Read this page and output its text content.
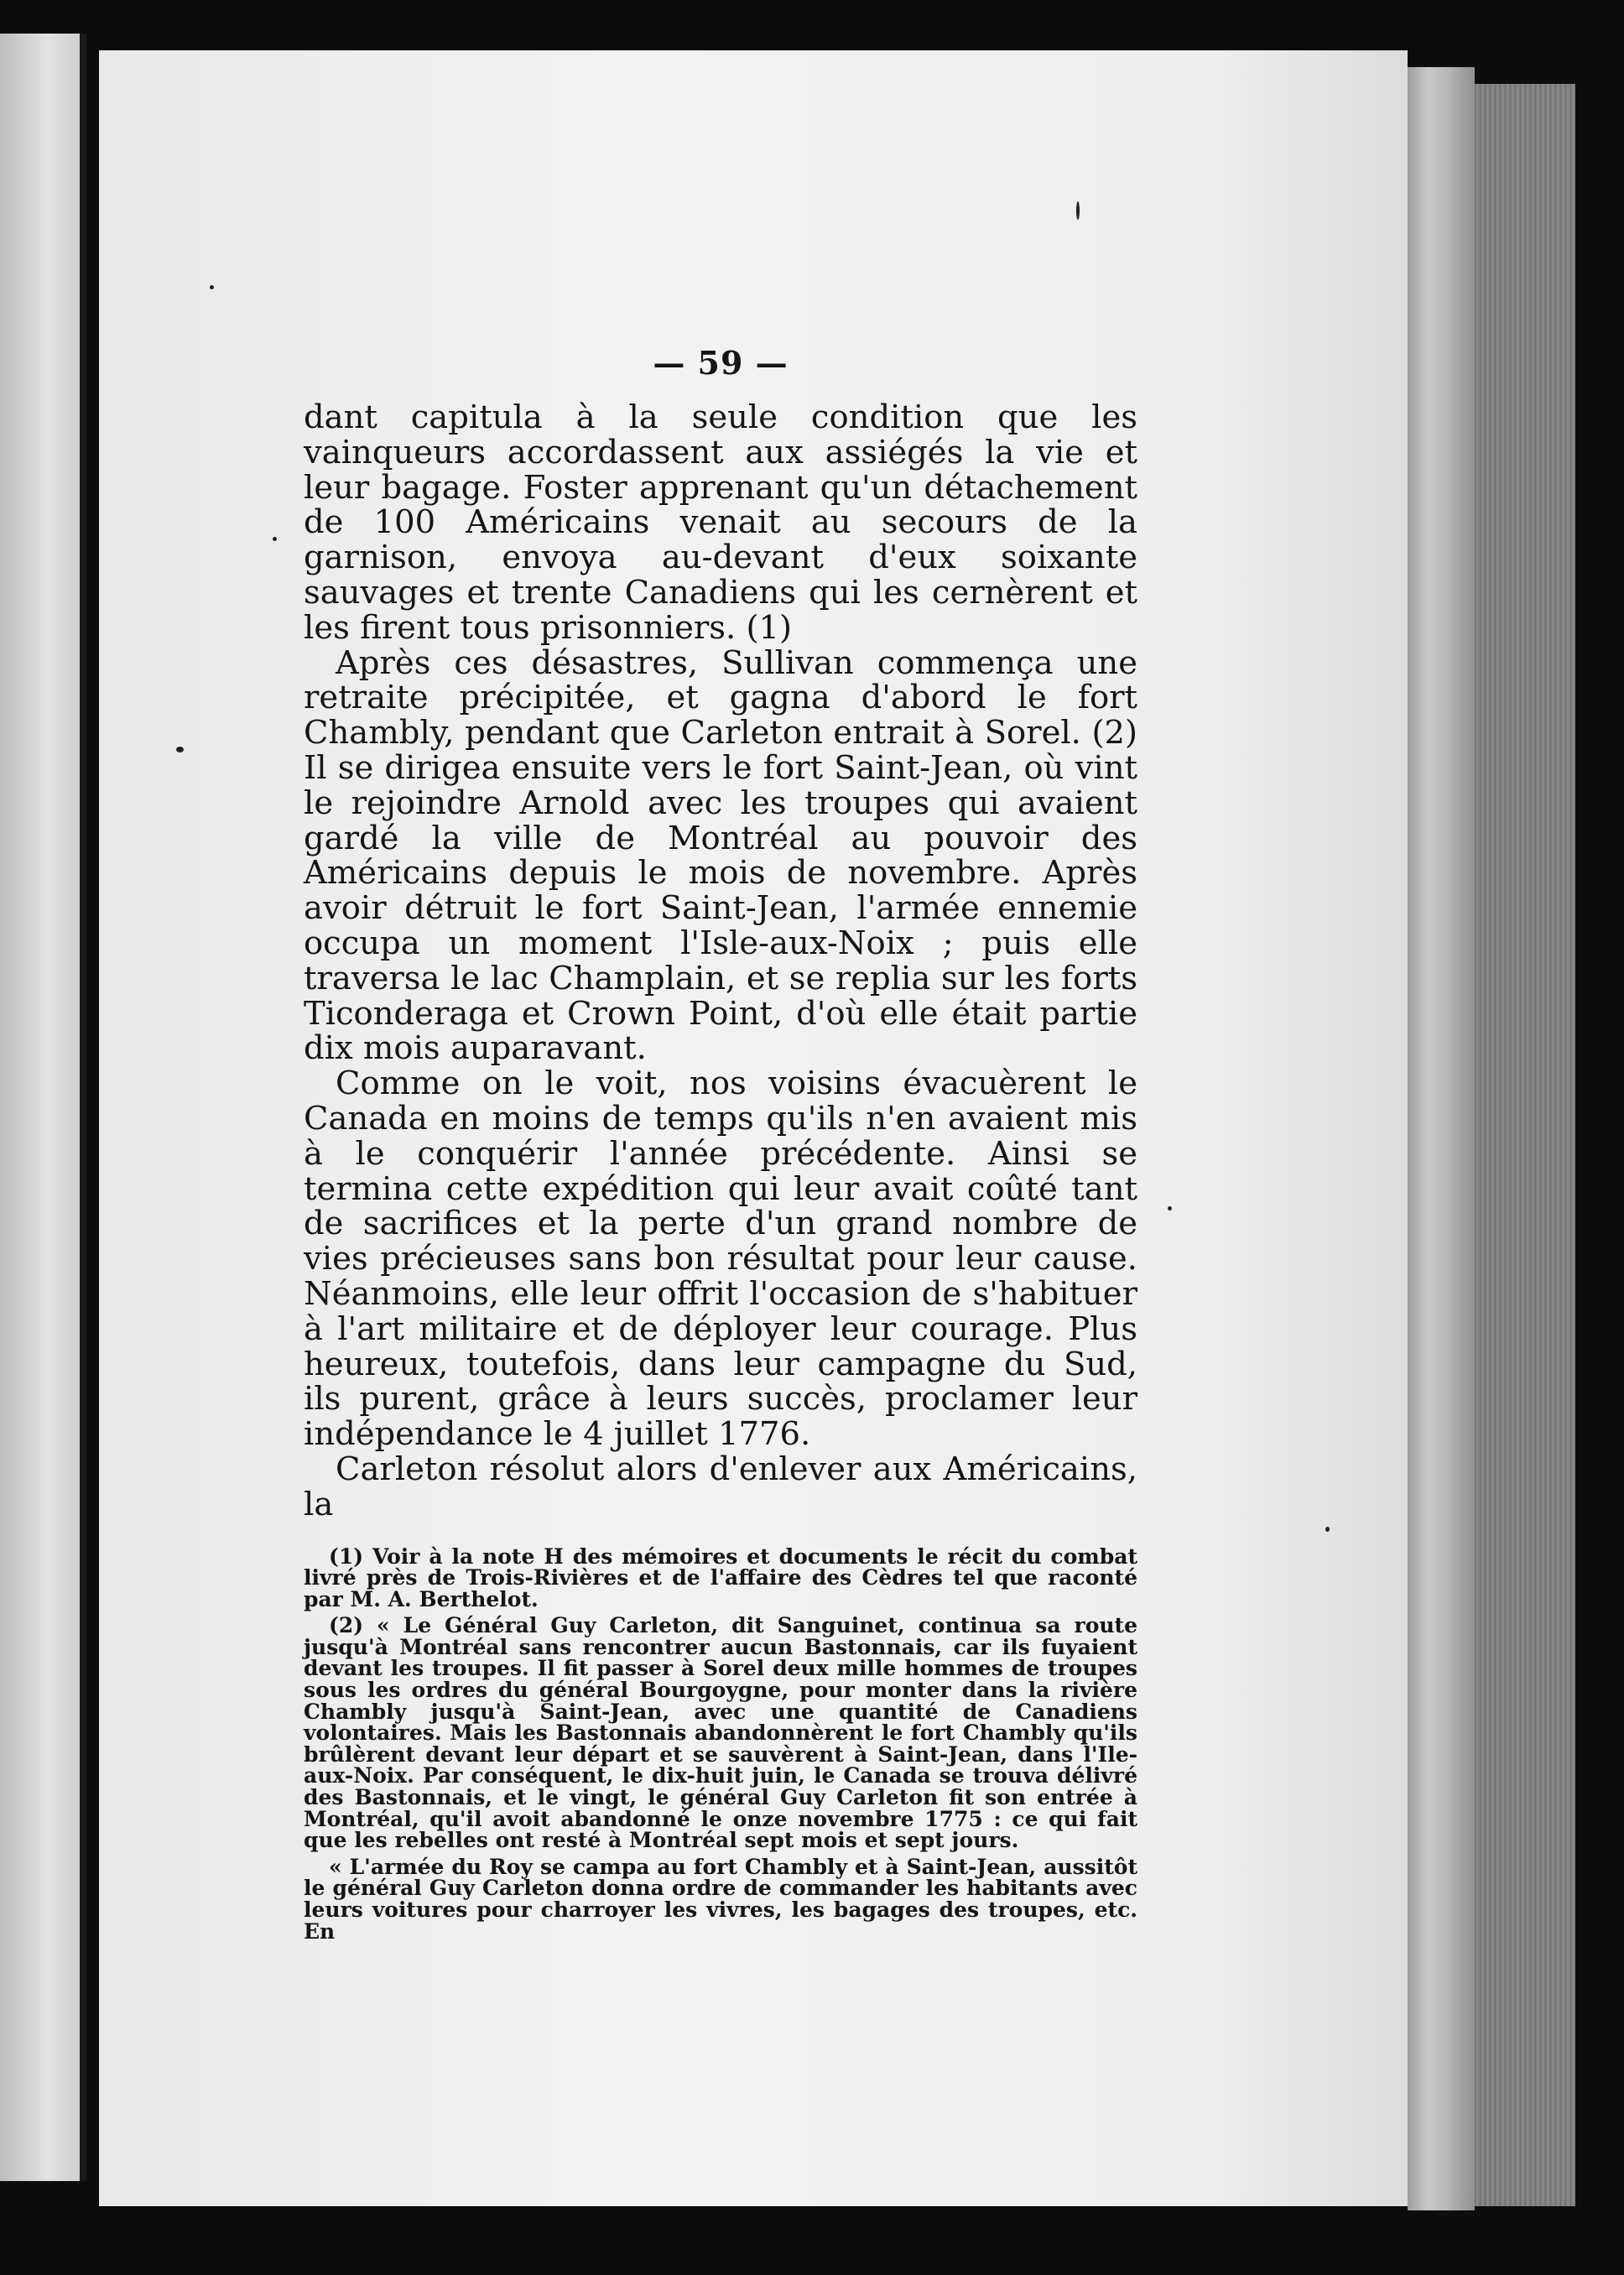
— 59 —

dant capitula à la seule condition que les vainqueurs accordassent aux assiégés la vie et leur bagage. Foster apprenant qu'un détachement de 100 Américains venait au secours de la garnison, envoya au-devant d'eux soixante sauvages et trente Canadiens qui les cernèrent et les firent tous prisonniers. (1)

Après ces désastres, Sullivan commença une retraite précipitée, et gagna d'abord le fort Chambly, pendant que Carleton entrait à Sorel. (2) Il se dirigea ensuite vers le fort Saint-Jean, où vint le rejoindre Arnold avec les troupes qui avaient gardé la ville de Montréal au pouvoir des Américains depuis le mois de novembre. Après avoir détruit le fort Saint-Jean, l'armée ennemie occupa un moment l'Isle-aux-Noix ; puis elle traversa le lac Champlain, et se replia sur les forts Ticonderaga et Crown Point, d'où elle était partie dix mois auparavant.

Comme on le voit, nos voisins évacuèrent le Canada en moins de temps qu'ils n'en avaient mis à le conquérir l'année précédente. Ainsi se termina cette expédition qui leur avait coûté tant de sacrifices et la perte d'un grand nombre de vies précieuses sans bon résultat pour leur cause. Néanmoins, elle leur offrit l'occasion de s'habituer à l'art militaire et de déployer leur courage. Plus heureux, toutefois, dans leur campagne du Sud, ils purent, grâce à leurs succès, proclamer leur indépendance le 4 juillet 1776.

Carleton résolut alors d'enlever aux Américains, la

(1) Voir à la note H des mémoires et documents le récit du combat livré près de Trois-Rivières et de l'affaire des Cèdres tel que raconté par M. A. Berthelot.

(2) « Le Général Guy Carleton, dit Sanguinet, continua sa route jusqu'à Montréal sans rencontrer aucun Bastonnais, car ils fuyaient devant les troupes. Il fit passer à Sorel deux mille hommes de troupes sous les ordres du général Bourgoygne, pour monter dans la rivière Chambly jusqu'à Saint-Jean, avec une quantité de Canadiens volontaires. Mais les Bastonnais abandonnèrent le fort Chambly qu'ils brûlèrent devant leur départ et se sauvèrent à Saint-Jean, dans l'Ile-aux-Noix. Par conséquent, le dix-huit juin, le Canada se trouva délivré des Bastonnais, et le vingt, le général Guy Carleton fit son entrée à Montréal, qu'il avoit abandonné le onze novembre 1775 : ce qui fait que les rebelles ont resté à Montréal sept mois et sept jours.

« L'armée du Roy se campa au fort Chambly et à Saint-Jean, aussitôt le général Guy Carleton donna ordre de commander les habitants avec leurs voitures pour charroyer les vivres, les bagages des troupes, etc. En
